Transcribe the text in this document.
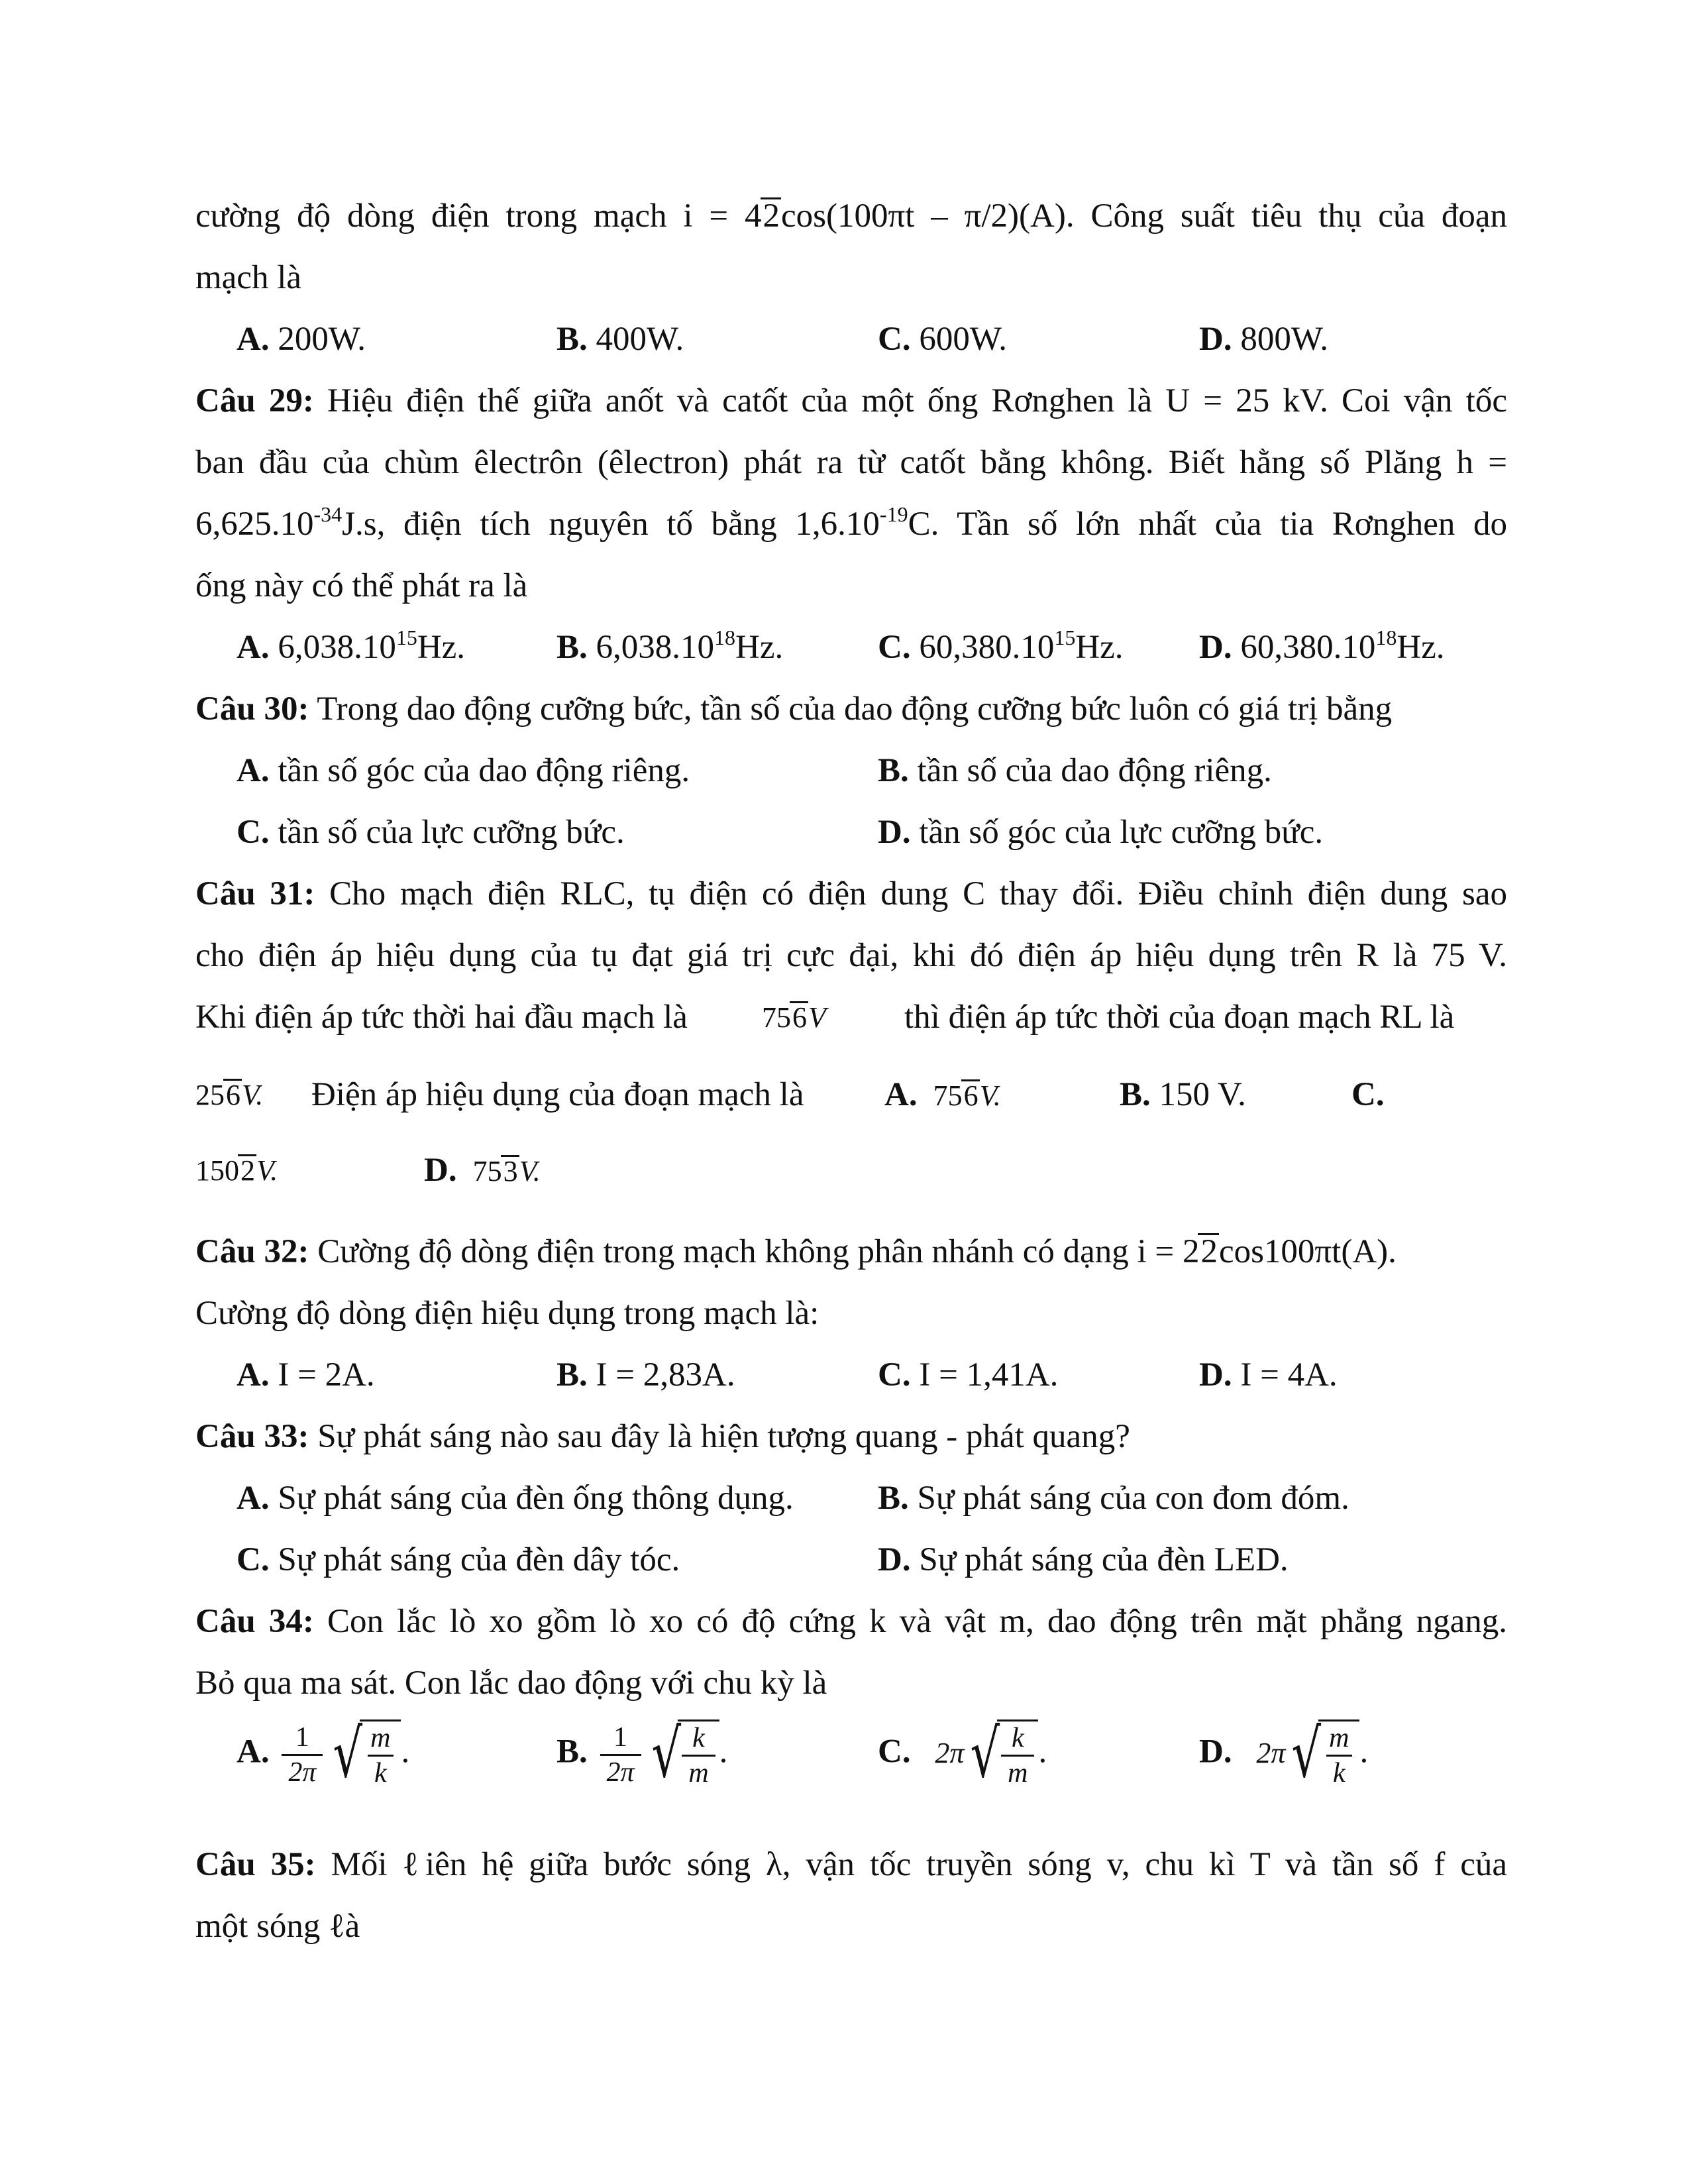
cường độ dòng điện trong mạch i = 42cos(100πt – π/2)(A). Công suất tiêu thụ của đoạn
mạch là
A. 200W.	B. 400W.	C. 600W.	D. 800W.
Câu 29: Hiệu điện thế giữa anốt và catốt của một ống Rơnghen là U = 25 kV. Coi vận tốc
ban đầu của chùm êlectrôn (êlectron) phát ra từ catốt bằng không. Biết hằng số Plăng h =
$6,625.10^{-34}J.s$, điện tích nguyên tố bằng $1,6.10^{-19}C$. Tần số lớn nhất của tia Rơnghen do
ống này có thể phát ra là
A. 6,038.10$^{15}$Hz.	B. 6,038.10$^{18}$Hz.	C. 60,380.10$^{15}$Hz. D. 60,380.10$^{18}$Hz.
Câu 30: Trong dao động cưỡng bức, tần số của dao động cưỡng bức luôn có giá trị bằng
A. tần số góc của dao động riêng.	B. tần số của dao động riêng.
C. tần số của lực cưỡng bức.	D. tần số góc của lực cưỡng bức.
Câu 31: Cho mạch điện RLC, tụ điện có điện dung C thay đổi. Điều chỉnh điện dung sao
cho điện áp hiệu dụng của tụ đạt giá trị cực đại, khi đó điện áp hiệu dụng trên R là 75 V.
Khi điện áp tức thời hai đầu mạch là	756V thì điện áp tức thời của đoạn mạch RL là
256V. Điện áp hiệu dụng của đoạn mạch là A. 756V.	B. 150 V.	C.
1502V.	D. 753V.
Câu 32: Cường độ dòng điện trong mạch không phân nhánh có dạng i = 22cos100πt(A).
Cường độ dòng điện hiệu dụng trong mạch là:
A. I = 2A.	B. I = 2,83A.	C. I = 1,41A.	D. I = 4A.
Câu 33: Sự phát sáng nào sau đây là hiện tượng quang - phát quang?
A. Sự phát sáng của đèn ống thông dụng. B. Sự phát sáng của con đom đóm.
C. Sự phát sáng của đèn dây tóc.	D. Sự phát sáng của đèn LED.
Câu 34: Con lắc lò xo gồm lò xo có độ cứng k và vật m, dao động trên mặt phẳng ngang.
Bỏ qua ma sát. Con lắc dao động với chu kỳ là
A. $\frac{1}{2\pi}$ √ $\frac{m}{k}$ .	B. $\frac{1}{2\pi}$ √ $\frac{k}{m}$ .	C. 2π √ $\frac{k}{m}$ .	D. 2π √ $\frac{m}{k}$ .
Câu 35: Mối ℓiên hệ giữa bước sóng λ, vận tốc truyền sóng v, chu kì T và tần số f của
một sóng ℓà
